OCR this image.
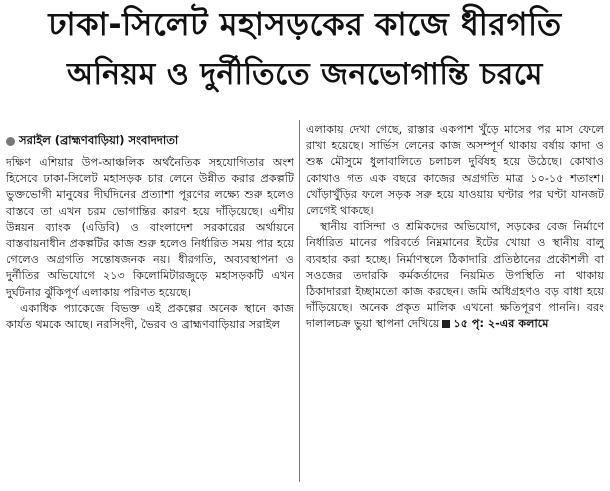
ঢাকা-সিলেট মহাসড়কের কাজে ধীরগতি
অনিয়ম ও দুর্নীতিতে জনভোগান্তি চরমে
সরাইল (ব্রাহ্মণবাড়িয়া) সংবাদদাতা

দক্ষিণ এশিয়ার উপ-আঞ্চলিক অর্থনৈতিক সহযোগিতার অংশ হিসেবে ঢাকা-সিলেট মহাসড়ক চার লেনে উন্নীত করার প্রকল্পটি ভুক্তভোগী মানুষের দীর্ঘদিনের প্রত্যাশা পূরণের লক্ষ্যে শুরু হলেও বাস্তবে তা এখন চরম ভোগান্তির কারণ হয়ে দাঁড়িয়েছে। এশীয় উন্নয়ন ব্যাংক (এডিবি) ও বাংলাদেশ সরকারের অর্থায়নে বাস্তবায়নাধীন প্রকল্পটির কাজ শুরু হলেও নির্ধারিত সময় পার হয়ে গেলেও অগ্রগতি সন্তোষজনক নয়। ধীরগতি, অব্যবস্থাপনা ও দুর্নীতির অভিযোগে ২১৩ কিলোমিটারজুড়ে মহাসড়কটি এখন দুর্ঘটনার ঝুঁকিপূর্ণ এলাকায় পরিণত হয়েছে।

একাধিক প্যাকেজে বিভক্ত এই প্রকল্পের অনেক স্থানে কাজ কার্যত থমকে আছে। নরসিংদী, ভৈরব ও ব্রাহ্মণবাড়িয়ার সরাইল

এলাকায় দেখা গেছে, রাস্তার একপাশ খুঁড়ে মাসের পর মাস ফেলে রাখা হয়েছে। সার্ভিস লেনের কাজ অসম্পূর্ণ থাকায় বর্ষায় কাদা ও শুষ্ক মৌসুমে ধুলাবালিতে চলাচল দুর্বিষহ হয়ে উঠেছে। কোথাও কোথাও গত এক বছরে কাজের অগ্রগতি মাত্র ১০-১৫ শতাংশ। খোঁড়াখুঁড়ির ফলে সড়ক সরু হয়ে যাওয়ায় ঘণ্টার পর ঘণ্টা যানজট লেগেই থাকছে।

স্থানীয় বাসিন্দা ও শ্রমিকদের অভিযোগ, সড়কের বেজ নির্মাণে নির্ধারিত মানের পরিবর্তে নিম্নমানের ইটের খোয়া ও স্থানীয় বালু ব্যবহার করা হচ্ছে। নির্মাণস্থলে ঠিকাদারি প্রতিষ্ঠানের প্রকৌশলী বা সওজের তদারকি কর্মকর্তাদের নিয়মিত উপস্থিতি না থাকায় ঠিকাদাররা ইচ্ছামতো কাজ করছেন। জমি অধিগ্রহণও বড় বাধা হয়ে দাঁড়িয়েছে। অনেক প্রকৃত মালিক এখনো ক্ষতিপূরণ পাননি। বরং দালালচক্র ভুয়া স্থাপনা দেখিয়ে ১৫ পৃ: ২-এর কলামে
